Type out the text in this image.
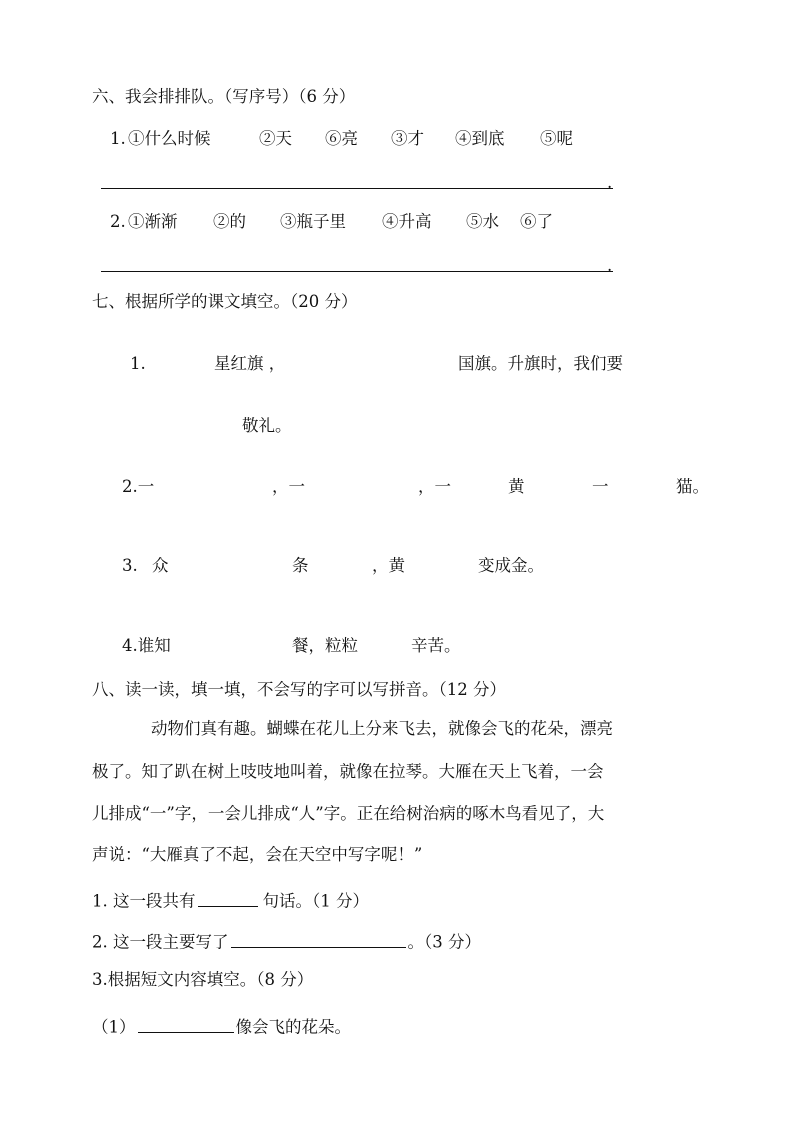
六、我会排排队。（写序号）（6 分）
1. ①什么时候	②天 ⑥亮 ③才 ④到底 ⑤呢
.
2. ①渐渐 ②的 ③瓶子里 ④升高 ⑤水 ⑥了
.
七、根据所学的课文填空。（20 分）
1.	星红旗 ，	国旗。升旗时，我们要
敬礼。
2.一	，一	，一	黄	一	猫。
3. 众	条	，黄	变成金。
4.谁知	餐，粒粒	辛苦。
八、读一读，填一填，不会写的字可以写拼音。（12 分）
动物们真有趣。蝴蝶在花儿上分来飞去，就像会飞的花朵，漂亮
极了。知了趴在树上吱吱地叫着，就像在拉琴。大雁在天上飞着，一会
儿排成“一”字，一会儿排成“人”字。正在给树治病的啄木鸟看见了，大
声说：“大雁真了不起，会在天空中写字呢！”
1. 这一段共有	句话。（1 分）
2. 这一段主要写了	。（3 分）
3.根据短文内容填空。（8 分）
（1）	像会飞的花朵。
